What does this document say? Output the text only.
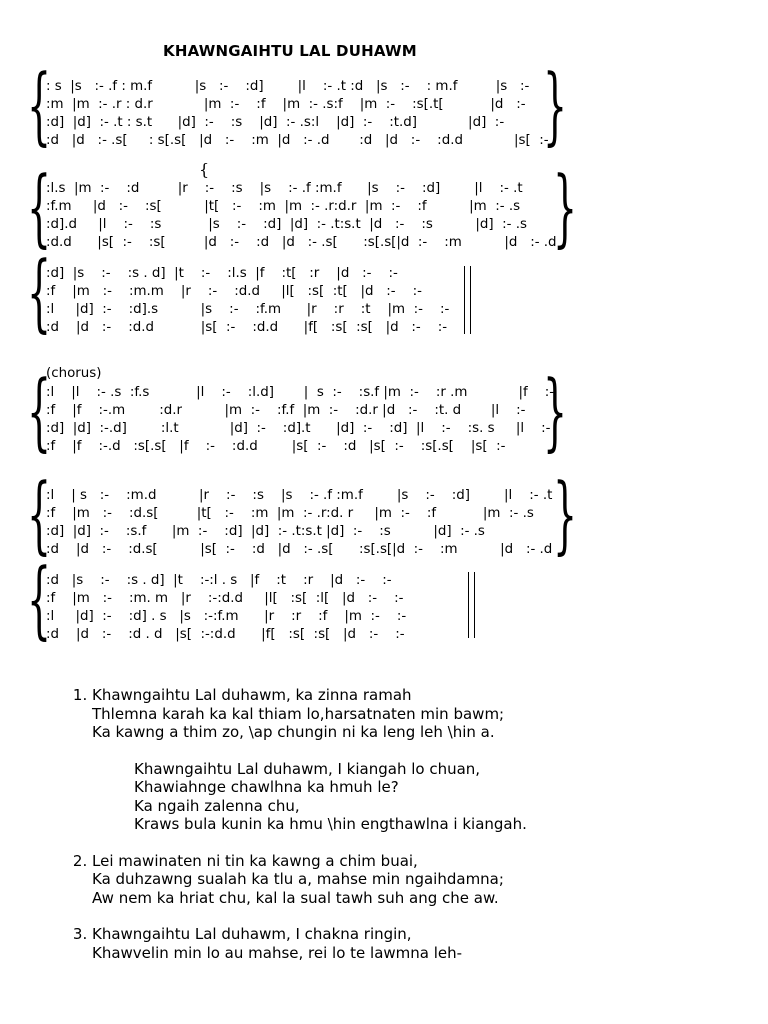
KHAWNGAIHTU LAL DUHAWM
{	}
: s  |s   :- .f : m.f          |s   :-    :d]        |l    :- .t :d   |s   :-    : m.f         |s   :-
:m  |m  :- .r : d.r            |m  :-    :f    |m  :- .s:f    |m  :-    :s[.t[           |d   :-
:d]  |d]  :- .t : s.t      |d]  :-    :s    |d]  :- .s:l    |d]  :-    :t.d]            |d]  :-
:d   |d   :- .s[     : s[.s[   |d   :-    :m  |d   :- .d       :d   |d   :-    :d.d            |s[  :-
{
{	}
:l.s  |m  :-    :d         |r    :-    :s    |s    :- .f :m.f      |s    :-    :d]        |l    :- .t
:f.m     |d   :-    :s[          |t[   :-    :m  |m  :- .r:d.r  |m  :-    :f          |m  :- .s
:d].d     |l    :-    :s           |s    :-    :d]  |d]  :- .t:s.t  |d   :-    :s          |d]  :- .s
:d.d      |s[  :-    :s[         |d   :-    :d   |d   :- .s[      :s[.s[|d  :-    :m          |d   :- .d
{
:d]  |s    :-    :s . d]  |t    :-    :l.s  |f    :t[   :r    |d   :-    :-
:f    |m   :-    :m.m    |r    :-    :d.d     |l[   :s[  :t[   |d   :-    :-
:l     |d]  :-    :d].s          |s    :-    :f.m      |r    :r    :t    |m  :-    :-
:d    |d   :-    :d.d           |s[  :-    :d.d      |f[   :s[  :s[   |d   :-    :-
(chorus)
{	}
:l    |l    :- .s  :f.s           |l    :-    :l.d]       |  s  :-    :s.f |m  :-    :r .m            |f    :-
:f    |f    :-.m        :d.r          |m  :-    :f.f  |m  :-    :d.r |d   :-    :t. d       |l    :-
:d]  |d]  :-.d]        :l.t            |d]  :-    :d].t      |d]  :-    :d]  |l    :-    :s. s     |l    :-
:f    |f    :-.d   :s[.s[   |f    :-    :d.d        |s[  :-    :d   |s[  :-    :s[.s[    |s[  :-
{	}
:l    | s   :-    :m.d          |r    :-    :s    |s    :- .f :m.f        |s    :-    :d]        |l    :- .t
:f    |m   :-    :d.s[         |t[   :-    :m  |m  :- .r:d. r     |m  :-    :f           |m  :- .s
:d]  |d]  :-    :s.f      |m  :-    :d]  |d]  :- .t:s.t |d]  :-    :s          |d]  :- .s
:d    |d   :-    :d.s[          |s[  :-    :d   |d   :- .s[      :s[.s[|d  :-    :m          |d   :- .d
{
:d   |s    :-    :s . d]  |t    :-:l . s   |f    :t    :r    |d   :-    :-
:f    |m   :-    :m. m   |r    :-:d.d     |l[   :s[  :l[   |d   :-    :-
:l     |d]  :-    :d] . s   |s   :-:f.m      |r    :r    :f    |m  :-    :-
:d    |d   :-    :d . d   |s[  :-:d.d      |f[   :s[  :s[   |d   :-    :-
1. Khawngaihtu Lal duhawm, ka zinna ramah
Thlemna karah ka kal thiam lo,harsatnaten min bawm;
Ka kawng a thim zo, \ap chungin ni ka leng leh \hin a.
Khawngaihtu Lal duhawm, I kiangah lo chuan,
Khawiahnge chawlhna ka hmuh le?
Ka ngaih zalenna chu,
Kraws bula kunin ka hmu \hin engthawlna i kiangah.
2. Lei mawinaten ni tin ka kawng a chim buai,
Ka duhzawng sualah ka tlu a, mahse min ngaihdamna;
Aw nem ka hriat chu, kal la sual tawh suh ang che aw.
3. Khawngaihtu Lal duhawm, I chakna ringin,
Khawvelin min lo au mahse, rei lo te lawmna leh-
